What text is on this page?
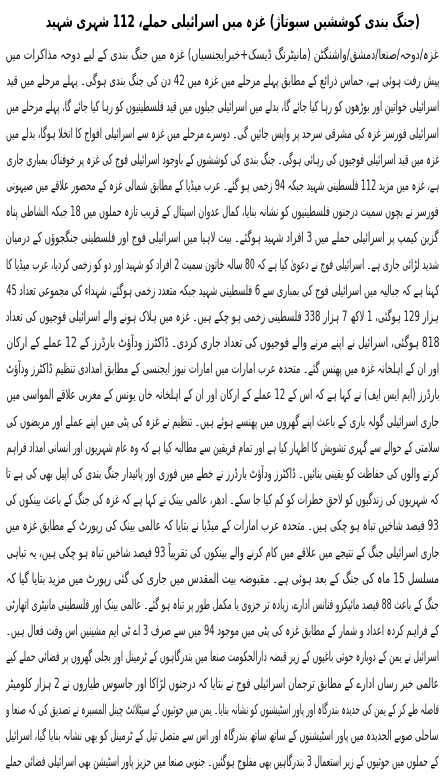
(جنگ بندی کوششیں سبوتاژ) غزہ میں اسرائیلی حملے، 112 شہری شہید
غزہ/دوحہ/صنعا/دمشق/واشنگٹن (مانیٹرنگ ڈیسک+خبرایجنسیاں) غزہ میں جنگ بندی کے لیے دوحہ مذاکرات میں
پیش رفت ہوئی ہے، حماس ذرائع کے مطابق پہلے مرحلے میں غزہ میں 42 دن کی جنگ بندی ہوگی۔ پہلے مرحلے میں قید
اسرائیلی خواتین اور بوڑھوں کو رہا کیا جائے گا، بدلے میں اسرائیلی جیلوں میں قید فلسطینیوں کو رہا کیا جائے گا، پہلے مرحلے میں
اسرائیلی فورسز غزہ کی مشرقی سرحد پر واپس جائیں گی۔ دوسرے مرحلے میں غزہ سے اسرائیلی افواج کا انخلا ہوگا، بدلے میں
غزہ میں قید اسرائیلی فوجیوں کی رہائی ہوگی۔ جنگ بندی کی کوششوں کے باوجود اسرائیلی فوج کی غزہ پر خوفناک بمباری جاری
ہے، غزہ میں مزید 112 فلسطینی شہید جبکہ 94 زخمی ہو گئے۔ عرب میڈیا کے مطابق شمالی غزہ کے محصور علاقے میں صیہونی
فورسز نے بچوں سمیت درجنوں فلسطینیوں کو نشانہ بنایا، کمال عدوان اسپتال کے قریب تازہ حملوں میں 18 جبکہ الشاطی پناہ
گزین کیمپ پر اسرائیلی حملے میں 3 افراد شہید ہوگئے۔ بیت لاہیا میں اسرائیلی فوج اور فلسطینی جنگجوؤں کے درمیان
شدید لڑائی جاری ہے۔ اسرائیلی فوج نے دعویٰ کیا ہے کہ 80 سالہ خاتون سمیت 2 افراد کو شہید اور دو کو زخمی کردیا، عرب میڈیا کا
کہنا ہے کہ جبالیہ میں اسرائیلی فوج کی بمباری سے 6 فلسطینی شہید جبکہ متعدد زخمی ہوگئے، شہداء کی مجموعی تعداد 45
ہزار 129 ہوگئی، 1 لاکھ 7 ہزار 338 فلسطینی زخمی ہو چکے ہیں۔ غزہ میں ہلاک ہونے والے اسرائیلی فوجیوں کی تعداد
818 ہوگئی، اسرائیل نے اپنے مرنے والے فوجیوں کی تعداد جاری کردی۔ ڈاکٹرز ودآؤٹ بارڈرز کے 12 عملے کے ارکان
اور ان کے اہلخانہ غزہ میں پھنس گئے۔ متحدہ عرب امارات میں امارات نیوز ایجنسی کے مطابق امدادی تنظیم ڈاکٹرز ودآؤٹ
بارڈرز (ایم ایس ایف) نے کہا ہے کہ اس کے 12 عملے کے ارکان اور ان کے اہلخانہ خان یونس کے مغربی علاقے المواسی میں
جاری اسرائیلی گولہ باری کے باعث اپنے گھروں میں پھنسے ہوئے ہیں۔ تنظیم نے غزہ کی پٹی میں اپنے عملے اور مریضوں کی
سلامتی کے حوالے سے گہری تشویش کا اظہار کیا ہے اور تمام فریقین سے مطالبہ کیا ہے کہ وہ عام شہریوں اور انسانی امداد فراہم
کرنے والوں کی حفاظت کو یقینی بنائیں۔ ڈاکٹرز ودآؤٹ بارڈرز نے خطے میں فوری اور پائیدار جنگ بندی کی اپیل بھی کی ہے تا
کہ شہریوں کی زندگیوں کو لاحق خطرات کو کم کیا جا سکے۔ ادھر، عالمی بینک نے کہا ہے کہ غزہ کی جنگ کے باعث بینکوں کی
93 فیصد شاخیں تباہ ہو چکی ہیں۔ متحدہ عرب امارات کے میڈیا نے بتایا کہ عالمی بینک کی رپورٹ کے مطابق غزہ میں
جاری اسرائیلی جنگ کے نتیجے میں علاقے میں کام کرنے والے بینکوں کی تقریباً 93 فیصد شاخیں تباہ ہو چکی ہیں، یہ تباہی
مسلسل 15 ماہ کی جنگ کے بعد ہوئی ہے۔ مقبوضہ بیت المقدس میں جاری کی گئی رپورٹ میں مزید بتایا گیا کہ
جنگ کے باعث 88 فیصد مائیکرو فنانس ادارے، زیادہ تر جزوی یا مکمل طور پر تباہ ہو گئے۔ عالمی بینک اور فلسطینی مانیٹری اتھارٹی
کے فراہم کردہ اعداد و شمار کے مطابق غزہ کی پٹی میں موجود 94 میں سے صرف 3 اے ٹی ایم مشینیں اس وقت فعال ہیں۔
اسرائیل نے یمن کے دوبارہ حوثی باغیوں کے زیر قبضہ دارالحکومت صنعا میں بندرگاہوں کے ٹرمینل اور بجلی گھروں پر فضائی حملے کیے
عالمی خبر رساں ادارے کے مطابق ترجمان اسرائیلی فوج نے بتایا کہ درجنوں لڑاکا اور جاسوس طیاروں نے 2 ہزار کلومیٹر
فاصلہ طے کر کے یمن کی حدیدہ بندرگاہ اور پاور اسٹیشنوں کو نشانہ بنایا۔ یمن میں حوثیوں کے سیٹلائٹ چینل المسیرہ نے تصدیق کی کہ صنعا و
ساحلی صوبے الحدیدہ میں پاور اسٹیشنوں کے ساتھ ساتھ بندرگاہ اور اس سے متصل تیل کے ٹرمینل کو بھی نشانہ بنایا گیا، اسرائیل
کے حملوں میں حوثیوں کے زیر استعمال 3 بندرگاہیں بھی مفلوج ہوگئیں۔ جنوبی صنعا میں حزیز پاور اسٹیشن بھی اسرائیلی فضائی حملے
